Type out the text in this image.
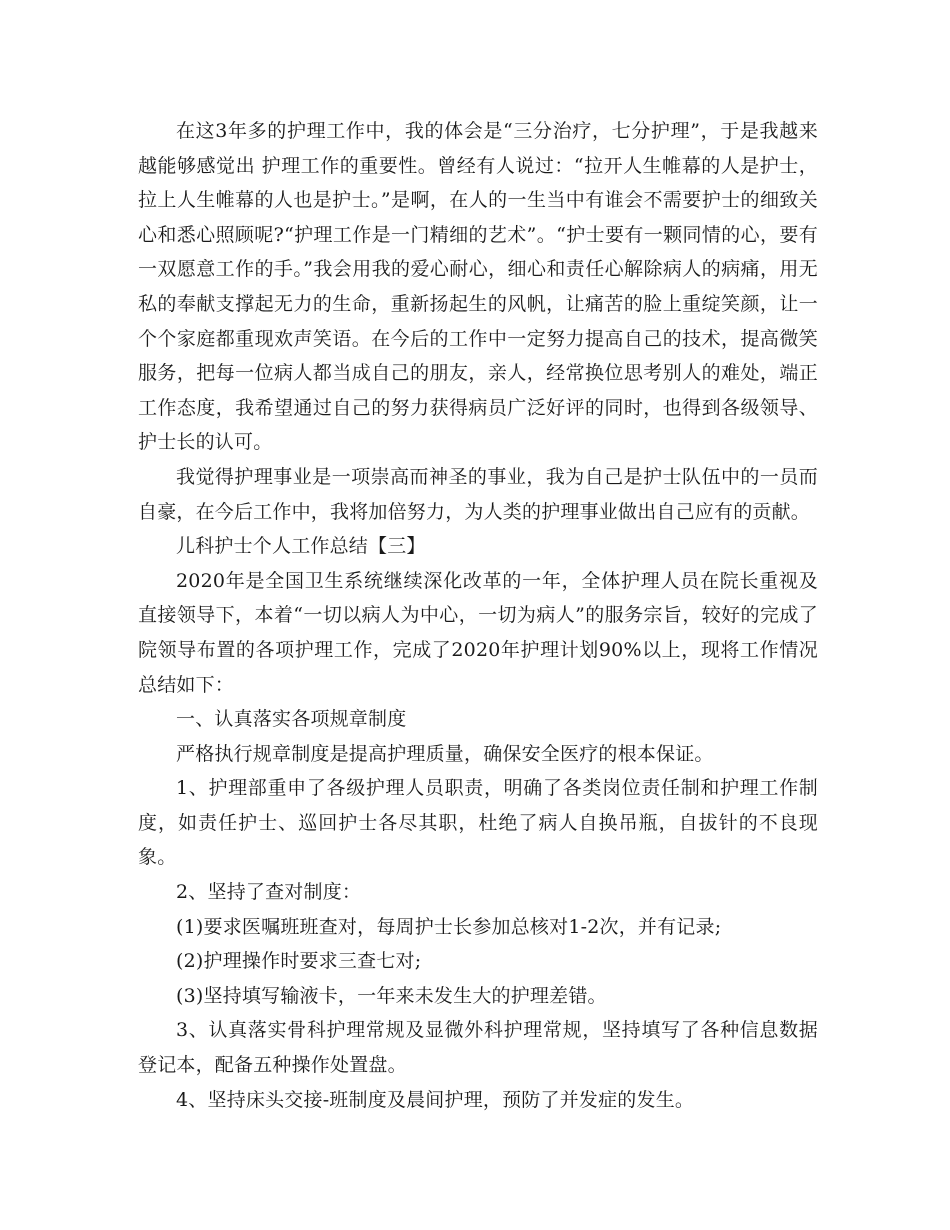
在这3年多的护理工作中，我的体会是“三分治疗，七分护理”，于是我越来越能够感觉出 护理工作的重要性。曾经有人说过：“拉开人生帷幕的人是护士，拉上人生帷幕的人也是护士。”是啊，在人的一生当中有谁会不需要护士的细致关心和悉心照顾呢?“护理工作是一门精细的艺术”。“护士要有一颗同情的心，要有一双愿意工作的手。”我会用我的爱心耐心，细心和责任心解除病人的病痛，用无私的奉献支撑起无力的生命，重新扬起生的风帆，让痛苦的脸上重绽笑颜，让一个个家庭都重现欢声笑语。在今后的工作中一定努力提高自己的技术，提高微笑服务，把每一位病人都当成自己的朋友，亲人，经常换位思考别人的难处，端正工作态度，我希望通过自己的努力获得病员广泛好评的同时，也得到各级领导、护士长的认可。

我觉得护理事业是一项崇高而神圣的事业，我为自己是护士队伍中的一员而自豪，在今后工作中，我将加倍努力，为人类的护理事业做出自己应有的贡献。

儿科护士个人工作总结【三】

2020年是全国卫生系统继续深化改革的一年，全体护理人员在院长重视及直接领导下，本着“一切以病人为中心，一切为病人”的服务宗旨，较好的完成了院领导布置的各项护理工作，完成了2020年护理计划90%以上，现将工作情况总结如下：

一、认真落实各项规章制度

严格执行规章制度是提高护理质量，确保安全医疗的根本保证。

1、护理部重申了各级护理人员职责，明确了各类岗位责任制和护理工作制度，如责任护士、巡回护士各尽其职，杜绝了病人自换吊瓶，自拔针的不良现象。

2、坚持了查对制度：

(1)要求医嘱班班查对，每周护士长参加总核对1-2次，并有记录;

(2)护理操作时要求三查七对;

(3)坚持填写输液卡，一年来未发生大的护理差错。

3、认真落实骨科护理常规及显微外科护理常规，坚持填写了各种信息数据登记本，配备五种操作处置盘。

4、坚持床头交接-班制度及晨间护理，预防了并发症的发生。
